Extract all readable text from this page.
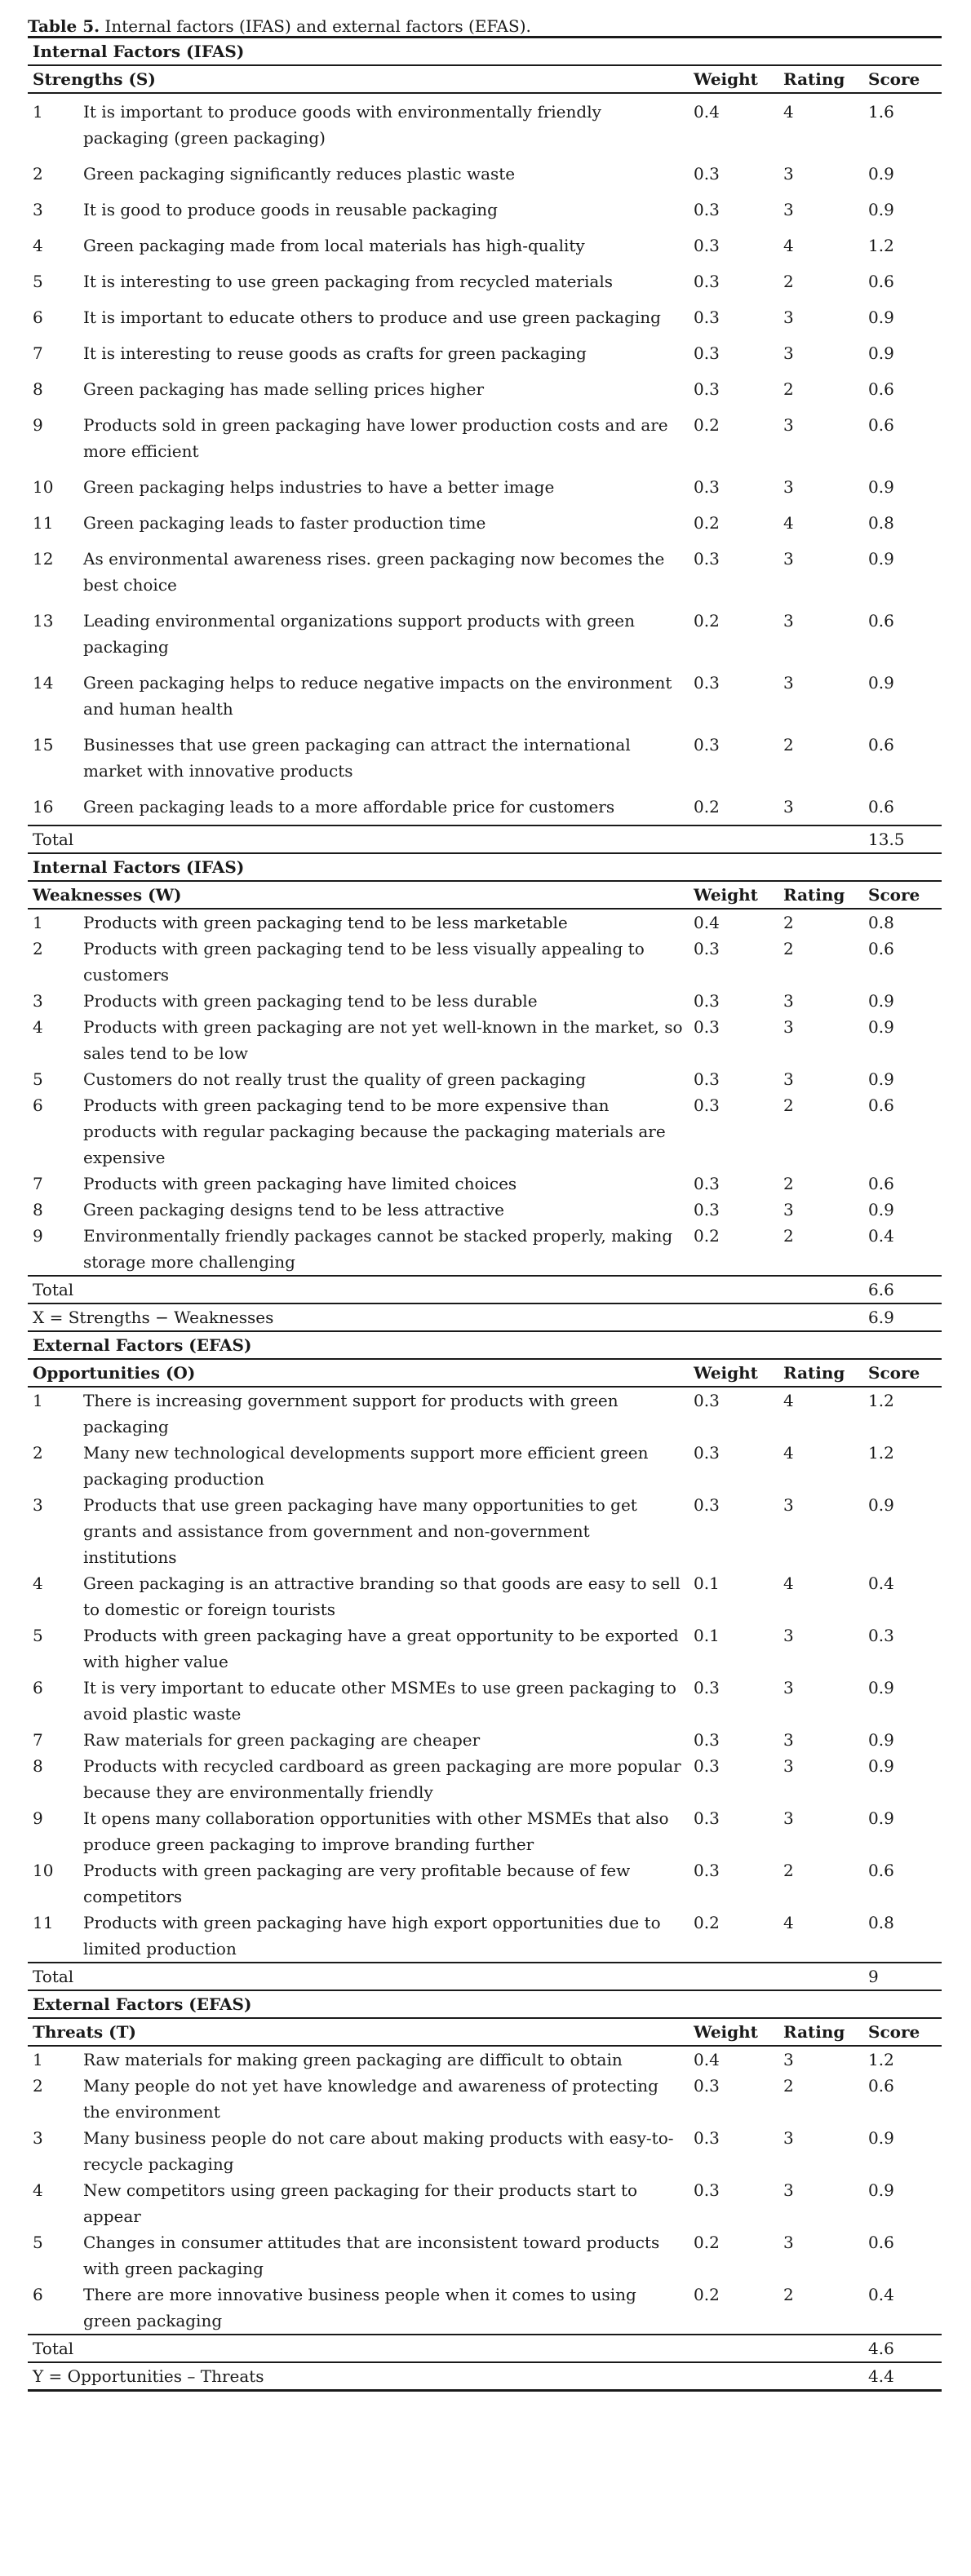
Table 5. Internal factors (IFAS) and external factors (EFAS).
Internal Factors (IFAS)				
Strengths (S)		Weight	Rating	Score
1	It is important to produce goods with environmentally friendly packaging (green packaging)	0.4	4	1.6
2	Green packaging significantly reduces plastic waste	0.3	3	0.9
3	It is good to produce goods in reusable packaging	0.3	3	0.9
4	Green packaging made from local materials has high-quality	0.3	4	1.2
5	It is interesting to use green packaging from recycled materials	0.3	2	0.6
6	It is important to educate others to produce and use green packaging	0.3	3	0.9
7	It is interesting to reuse goods as crafts for green packaging	0.3	3	0.9
8	Green packaging has made selling prices higher	0.3	2	0.6
9	Products sold in green packaging have lower production costs and are more efficient	0.2	3	0.6
10	Green packaging helps industries to have a better image	0.3	3	0.9
11	Green packaging leads to faster production time	0.2	4	0.8
12	As environmental awareness rises. green packaging now becomes the best choice	0.3	3	0.9
13	Leading environmental organizations support products with green packaging	0.2	3	0.6
14	Green packaging helps to reduce negative impacts on the environment and human health	0.3	3	0.9
15	Businesses that use green packaging can attract the international market with innovative products	0.3	2	0.6
16	Green packaging leads to a more affordable price for customers	0.2	3	0.6
Total				13.5
Internal Factors (IFAS)				
Weaknesses (W)		Weight	Rating	Score
1	Products with green packaging tend to be less marketable	0.4	2	0.8
2	Products with green packaging tend to be less visually appealing to customers	0.3	2	0.6
3	Products with green packaging tend to be less durable	0.3	3	0.9
4	Products with green packaging are not yet well-known in the market, so sales tend to be low	0.3	3	0.9
5	Customers do not really trust the quality of green packaging	0.3	3	0.9
6	Products with green packaging tend to be more expensive than products with regular packaging because the packaging materials are expensive	0.3	2	0.6
7	Products with green packaging have limited choices	0.3	2	0.6
8	Green packaging designs tend to be less attractive	0.3	3	0.9
9	Environmentally friendly packages cannot be stacked properly, making storage more challenging	0.2	2	0.4
Total				6.6
X = Strengths − Weaknesses				6.9
External Factors (EFAS)				
Opportunities (O)		Weight	Rating	Score
1	There is increasing government support for products with green packaging	0.3	4	1.2
2	Many new technological developments support more efficient green packaging production	0.3	4	1.2
3	Products that use green packaging have many opportunities to get grants and assistance from government and non-government institutions	0.3	3	0.9
4	Green packaging is an attractive branding so that goods are easy to sell to domestic or foreign tourists	0.1	4	0.4
5	Products with green packaging have a great opportunity to be exported with higher value	0.1	3	0.3
6	It is very important to educate other MSMEs to use green packaging to avoid plastic waste	0.3	3	0.9
7	Raw materials for green packaging are cheaper	0.3	3	0.9
8	Products with recycled cardboard as green packaging are more popular because they are environmentally friendly	0.3	3	0.9
9	It opens many collaboration opportunities with other MSMEs that also produce green packaging to improve branding further	0.3	3	0.9
10	Products with green packaging are very profitable because of few competitors	0.3	2	0.6
11	Products with green packaging have high export opportunities due to limited production	0.2	4	0.8
Total				9
External Factors (EFAS)				
Threats (T)		Weight	Rating	Score
1	Raw materials for making green packaging are difficult to obtain	0.4	3	1.2
2	Many people do not yet have knowledge and awareness of protecting the environment	0.3	2	0.6
3	Many business people do not care about making products with easy-to-recycle packaging	0.3	3	0.9
4	New competitors using green packaging for their products start to appear	0.3	3	0.9
5	Changes in consumer attitudes that are inconsistent toward products with green packaging	0.2	3	0.6
6	There are more innovative business people when it comes to using green packaging	0.2	2	0.4
Total				4.6
Y = Opportunities – Threats				4.4
